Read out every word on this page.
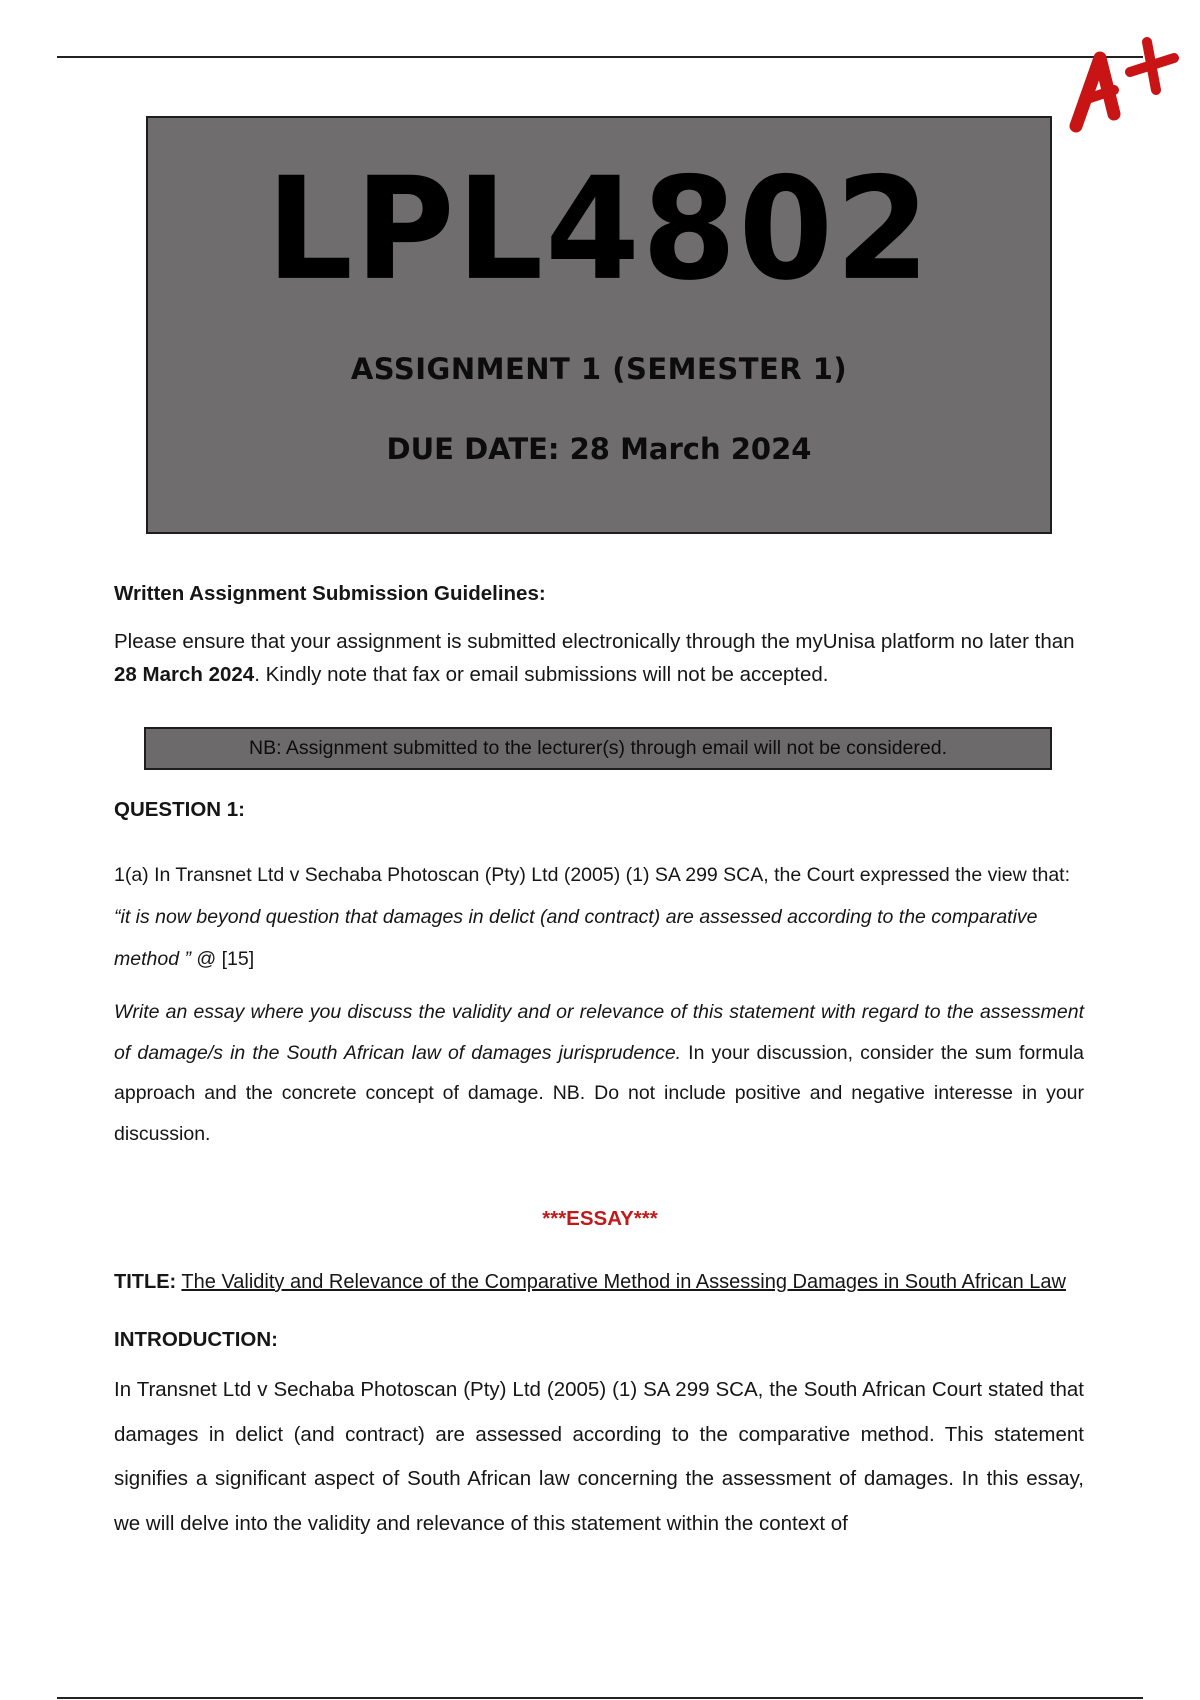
LPL4802
ASSIGNMENT 1 (SEMESTER 1)
DUE DATE: 28 March 2024
Written Assignment Submission Guidelines:
Please ensure that your assignment is submitted electronically through the myUnisa platform no later than 28 March 2024. Kindly note that fax or email submissions will not be accepted.
NB: Assignment submitted to the lecturer(s) through email will not be considered.
QUESTION 1:
1(a) In Transnet Ltd v Sechaba Photoscan (Pty) Ltd (2005) (1) SA 299 SCA, the Court expressed the view that: “it is now beyond question that damages in delict (and contract) are assessed according to the comparative method ” @ [15]
Write an essay where you discuss the validity and or relevance of this statement with regard to the assessment of damage/s in the South African law of damages jurisprudence. In your discussion, consider the sum formula approach and the concrete concept of damage. NB. Do not include positive and negative interesse in your discussion.
***ESSAY***
TITLE: The Validity and Relevance of the Comparative Method in Assessing Damages in South African Law
INTRODUCTION:
In Transnet Ltd v Sechaba Photoscan (Pty) Ltd (2005) (1) SA 299 SCA, the South African Court stated that damages in delict (and contract) are assessed according to the comparative method. This statement signifies a significant aspect of South African law concerning the assessment of damages. In this essay, we will delve into the validity and relevance of this statement within the context of
